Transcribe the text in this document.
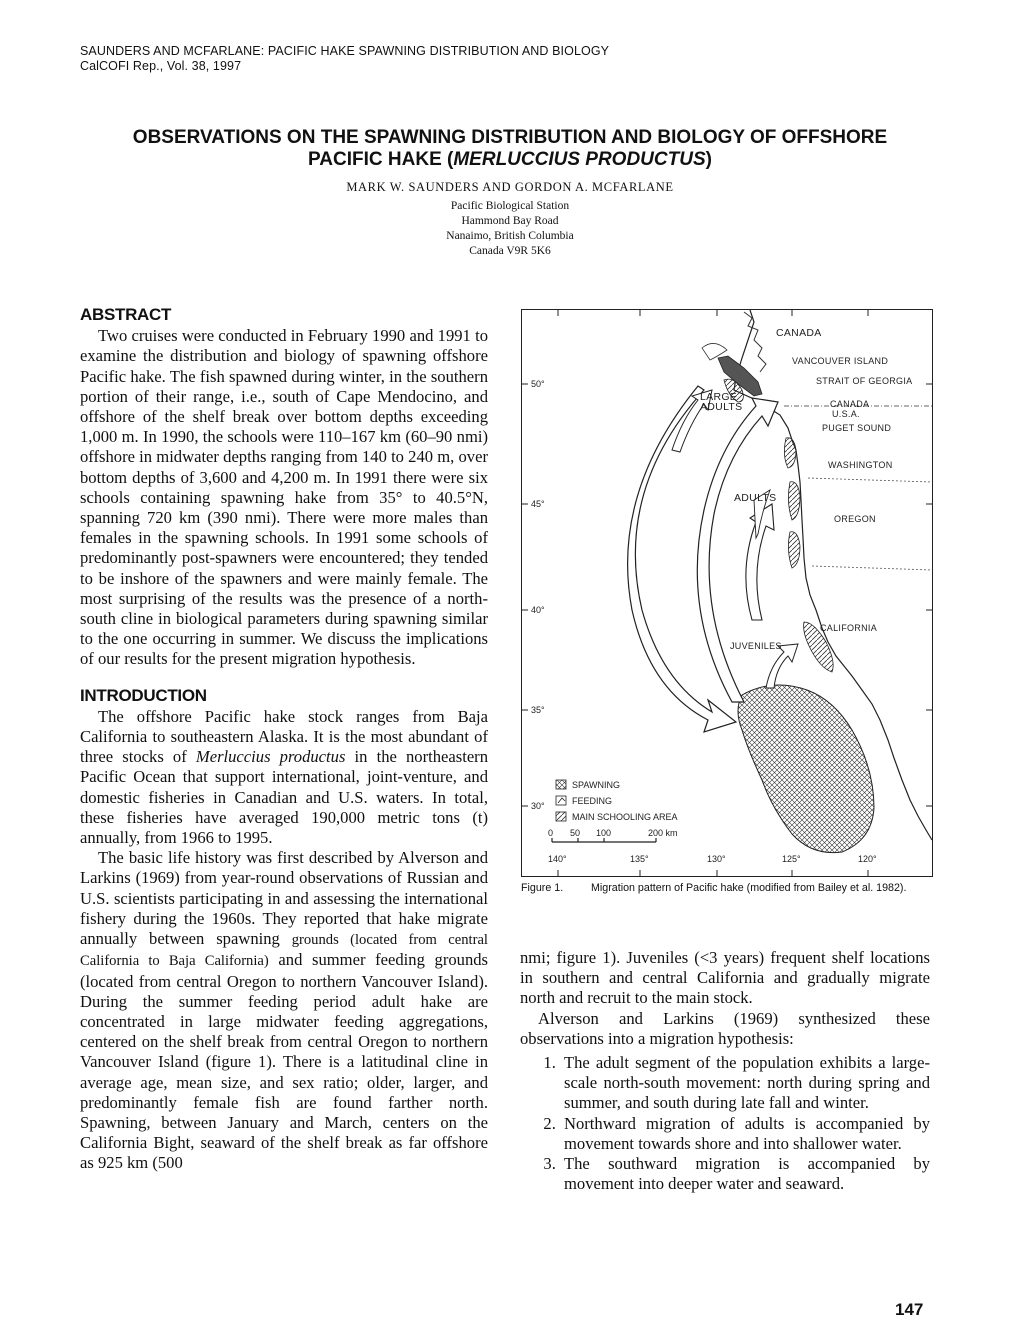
SAUNDERS AND MCFARLANE: PACIFIC HAKE SPAWNING DISTRIBUTION AND BIOLOGY
CalCOFI Rep., Vol. 38, 1997
OBSERVATIONS ON THE SPAWNING DISTRIBUTION AND BIOLOGY OF OFFSHORE
PACIFIC HAKE (MERLUCCIUS PRODUCTUS)
MARK W. SAUNDERS AND GORDON A. MCFARLANE
Pacific Biological Station
Hammond Bay Road
Nanaimo, British Columbia
Canada V9R 5K6
ABSTRACT

Two cruises were conducted in February 1990 and 1991 to examine the distribution and biology of spawning offshore Pacific hake. The fish spawned during winter, in the southern portion of their range, i.e., south of Cape Mendocino, and offshore of the shelf break over bottom depths exceeding 1,000 m. In 1990, the schools were 110–167 km (60–90 nmi) offshore in midwater depths ranging from 140 to 240 m, over bottom depths of 3,600 and 4,200 m. In 1991 there were six schools containing spawning hake from 35° to 40.5°N, spanning 720 km (390 nmi). There were more males than females in the spawning schools. In 1991 some schools of predominantly post-spawners were encountered; they tended to be inshore of the spawners and were mainly female. The most surprising of the results was the presence of a north-south cline in biological parameters during spawning similar to the one occurring in summer. We discuss the implications of our results for the present migration hypothesis.

INTRODUCTION

The offshore Pacific hake stock ranges from Baja California to southeastern Alaska. It is the most abundant of three stocks of Merluccius productus in the northeastern Pacific Ocean that support international, joint-venture, and domestic fisheries in Canadian and U.S. waters. In total, these fisheries have averaged 190,000 metric tons (t) annually, from 1966 to 1995.

The basic life history was first described by Alverson and Larkins (1969) from year-round observations of Russian and U.S. scientists participating in and assessing the international fishery during the 1960s. They reported that hake migrate annually between spawning grounds (located from central California to Baja California) and summer feeding grounds (located from central Oregon to northern Vancouver Island). During the summer feeding period adult hake are concentrated in large midwater feeding aggregations, centered on the shelf break from central Oregon to northern Vancouver Island (figure 1). There is a latitudinal cline in average age, mean size, and sex ratio; older, larger, and predominantly female fish are found farther north. Spawning, between January and March, centers on the California Bight, seaward of the shelf break as far offshore as 925 km (500

CANADA
VANCOUVER ISLAND
STRAIT OF GEORGIA
CANADA
U.S.A.
PUGET SOUND
WASHINGTON
OREGON
CALIFORNIA
LARGE
ADULTS
ADULTS
JUVENILES
50°
45°
40°
35°
30°
140°	135°	130°	125°	120°
SPAWNING
FEEDING
MAIN SCHOOLING AREA
0 50 100	200 km
Figure 1.	Migration pattern of Pacific hake (modified from Bailey et al. 1982).

nmi; figure 1). Juveniles (<3 years) frequent shelf locations in southern and central California and gradually migrate north and recruit to the main stock.

Alverson and Larkins (1969) synthesized these observations into a migration hypothesis:

1. The adult segment of the population exhibits a large-scale north-south movement: north during spring and summer, and south during late fall and winter.
2. Northward migration of adults is accompanied by movement towards shore and into shallower water.
3. The southward migration is accompanied by movement into deeper water and seaward.
147
